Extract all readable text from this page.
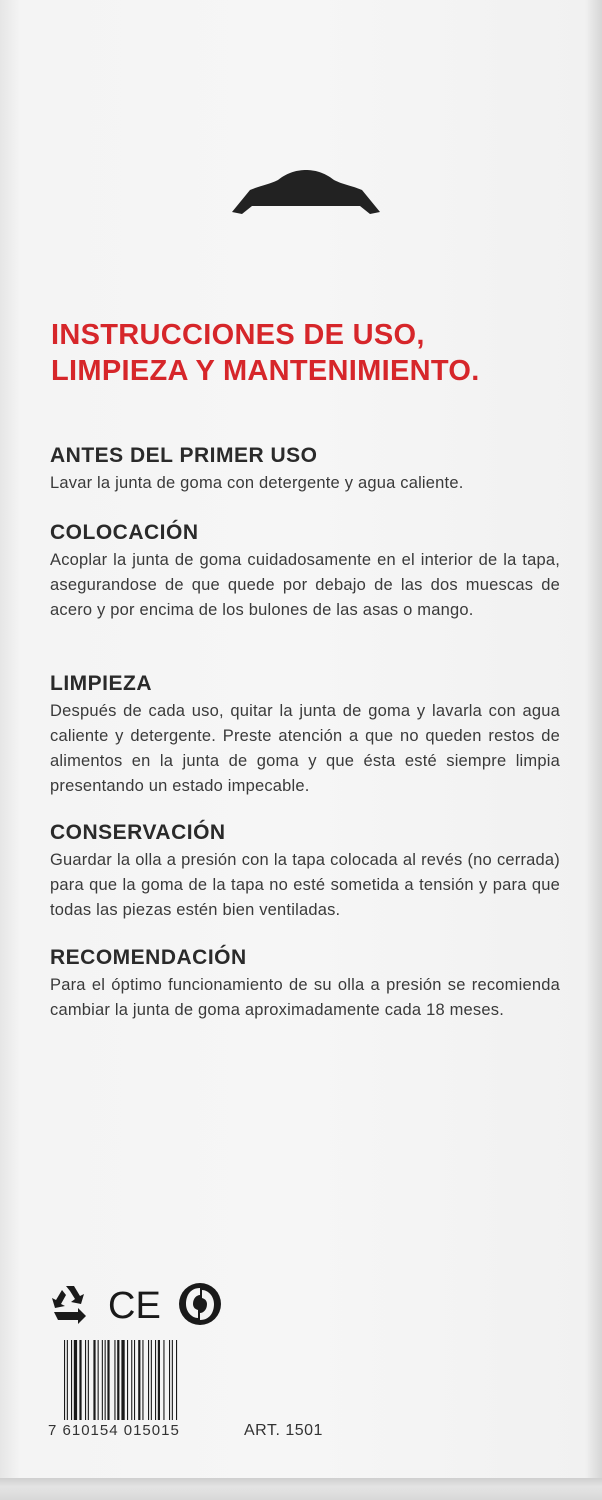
INSTRUCCIONES DE USO,
LIMPIEZA Y MANTENIMIENTO.
ANTES DEL PRIMER USO

Lavar la junta de goma con detergente y agua caliente.

COLOCACIÓN

Acoplar la junta de goma cuidadosamente en el interior de la tapa, asegurandose de que quede por debajo de las dos muescas de acero y por encima de los bulones de las asas o mango.

LIMPIEZA

Después de cada uso, quitar la junta de goma y lavarla con agua caliente y detergente. Preste atención a que no queden restos de alimentos en la junta de goma y que ésta esté siempre limpia presentando un estado impecable.

CONSERVACIÓN

Guardar la olla a presión con la tapa colocada al revés (no cerrada) para que la goma de la tapa no esté sometida a tensión y para que todas las piezas estén bien ventiladas.

RECOMENDACIÓN

Para el óptimo funcionamiento de su olla a presión se recomienda cambiar la junta de goma aproximadamente cada 18 meses.

CE
7 610154 015015	ART. 1501
